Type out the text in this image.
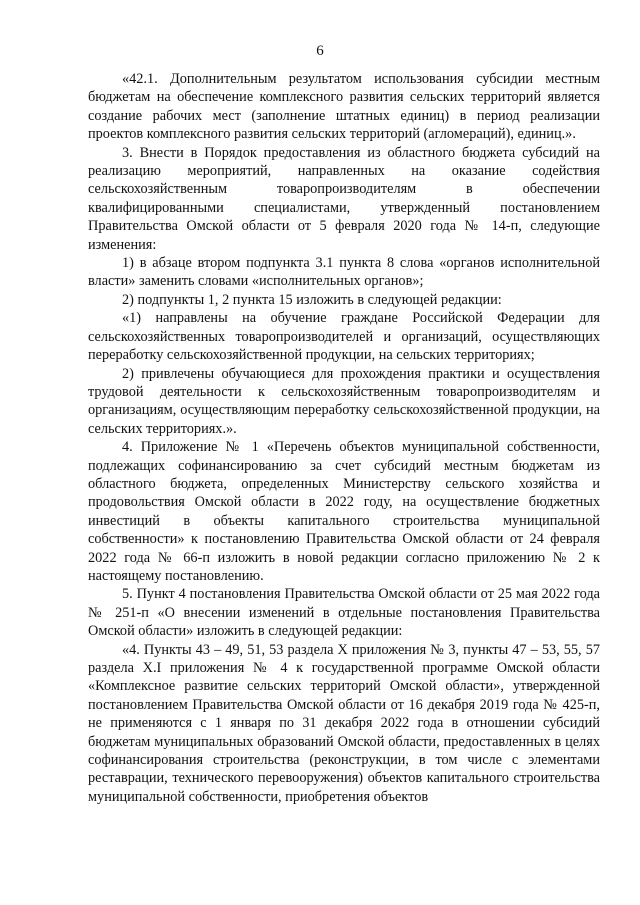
6

«42.1. Дополнительным результатом использования субсидии местным бюджетам на обеспечение комплексного развития сельских территорий является создание рабочих мест (заполнение штатных единиц) в период реализации проектов комплексного развития сельских территорий (агломераций), единиц.».

3. Внести в Порядок предоставления из областного бюджета субсидий на реализацию мероприятий, направленных на оказание содействия сельскохозяйственным товаропроизводителям в обеспечении квалифицированными специалистами, утвержденный постановлением Правительства Омской области от 5 февраля 2020 года № 14-п, следующие изменения:

1) в абзаце втором подпункта 3.1 пункта 8 слова «органов исполнительной власти» заменить словами «исполнительных органов»;

2) подпункты 1, 2 пункта 15 изложить в следующей редакции:

«1) направлены на обучение граждане Российской Федерации для сельскохозяйственных товаропроизводителей и организаций, осуществляющих переработку сельскохозяйственной продукции, на сельских территориях;

2) привлечены обучающиеся для прохождения практики и осуществления трудовой деятельности к сельскохозяйственным товаропроизводителям и организациям, осуществляющим переработку сельскохозяйственной продукции, на сельских территориях.».

4. Приложение № 1 «Перечень объектов муниципальной собственности, подлежащих софинансированию за счет субсидий местным бюджетам из областного бюджета, определенных Министерству сельского хозяйства и продовольствия Омской области в 2022 году, на осуществление бюджетных инвестиций в объекты капитального строительства муниципальной собственности» к постановлению Правительства Омской области от 24 февраля 2022 года № 66-п изложить в новой редакции согласно приложению № 2 к настоящему постановлению.

5. Пункт 4 постановления Правительства Омской области от 25 мая 2022 года № 251-п «О внесении изменений в отдельные постановления Правительства Омской области» изложить в следующей редакции:

«4. Пункты 43 – 49, 51, 53 раздела X приложения № 3, пункты 47 – 53, 55, 57 раздела X.I приложения № 4 к государственной программе Омской области «Комплексное развитие сельских территорий Омской области», утвержденной постановлением Правительства Омской области от 16 декабря 2019 года № 425-п, не применяются с 1 января по 31 декабря 2022 года в отношении субсидий бюджетам муниципальных образований Омской области, предоставленных в целях софинансирования строительства (реконструкции, в том числе с элементами реставрации, технического перевооружения) объектов капитального строительства муниципальной собственности, приобретения объектов
